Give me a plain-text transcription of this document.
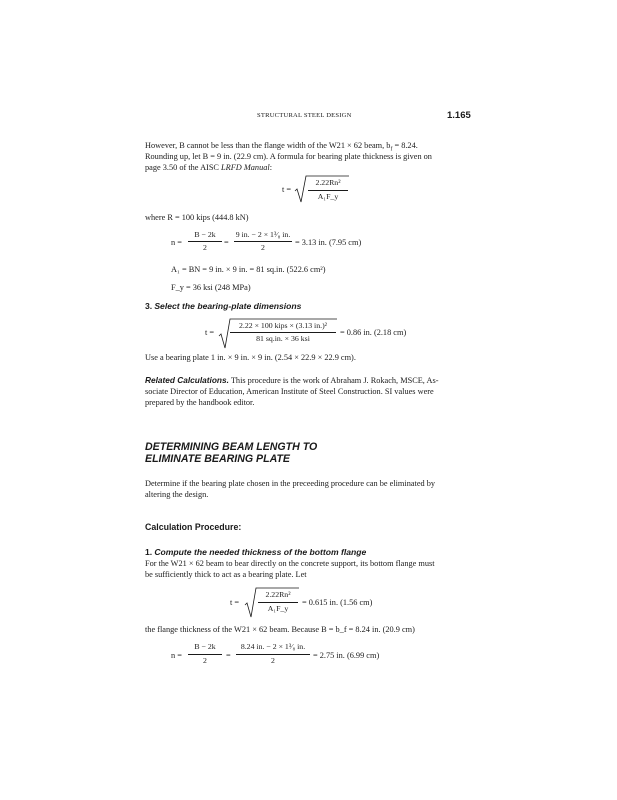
STRUCTURAL STEEL DESIGN	1.165
However, B cannot be less than the flange width of the W21 × 62 beam, $b_f = 8.24$.
Rounding up, let B = 9 in. (22.9 cm). A formula for bearing plate thickness is given on
page 3.50 of the AISC LRFD Manual:
t =
2.22Rn²
A₁F_y
where R = 100 kips (444.8 kN)
n =
B − 2k
2
=
9 in. − 2 × 1³⁄₈ in.
2
= 3.13 in. (7.95 cm)
A₁ = BN = 9 in. × 9 in. = 81 sq.in. (522.6 cm²)
F_y = 36 ksi (248 MPa)
3. Select the bearing-plate dimensions
t =
2.22 × 100 kips × (3.13 in.)²
81 sq.in. × 36 ksi
= 0.86 in. (2.18 cm)
Use a bearing plate 1 in. × 9 in. × 9 in. (2.54 × 22.9 × 22.9 cm).
Related Calculations. This procedure is the work of Abraham J. Rokach, MSCE, As-
sociate Director of Education, American Institute of Steel Construction. SI values were
prepared by the handbook editor.
DETERMINING BEAM LENGTH TO
ELIMINATE BEARING PLATE
Determine if the bearing plate chosen in the preceeding procedure can be eliminated by
altering the design.
Calculation Procedure:
1. Compute the needed thickness of the bottom flange
For the W21 × 62 beam to bear directly on the concrete support, its bottom flange must
be sufficiently thick to act as a bearing plate. Let
t =
2.22Rn²
A₁F_y
= 0.615 in. (1.56 cm)
the flange thickness of the W21 × 62 beam. Because B = b_f = 8.24 in. (20.9 cm)
n =
B − 2k
2
=
8.24 in. − 2 × 1³⁄₈ in.
2
= 2.75 in. (6.99 cm)
